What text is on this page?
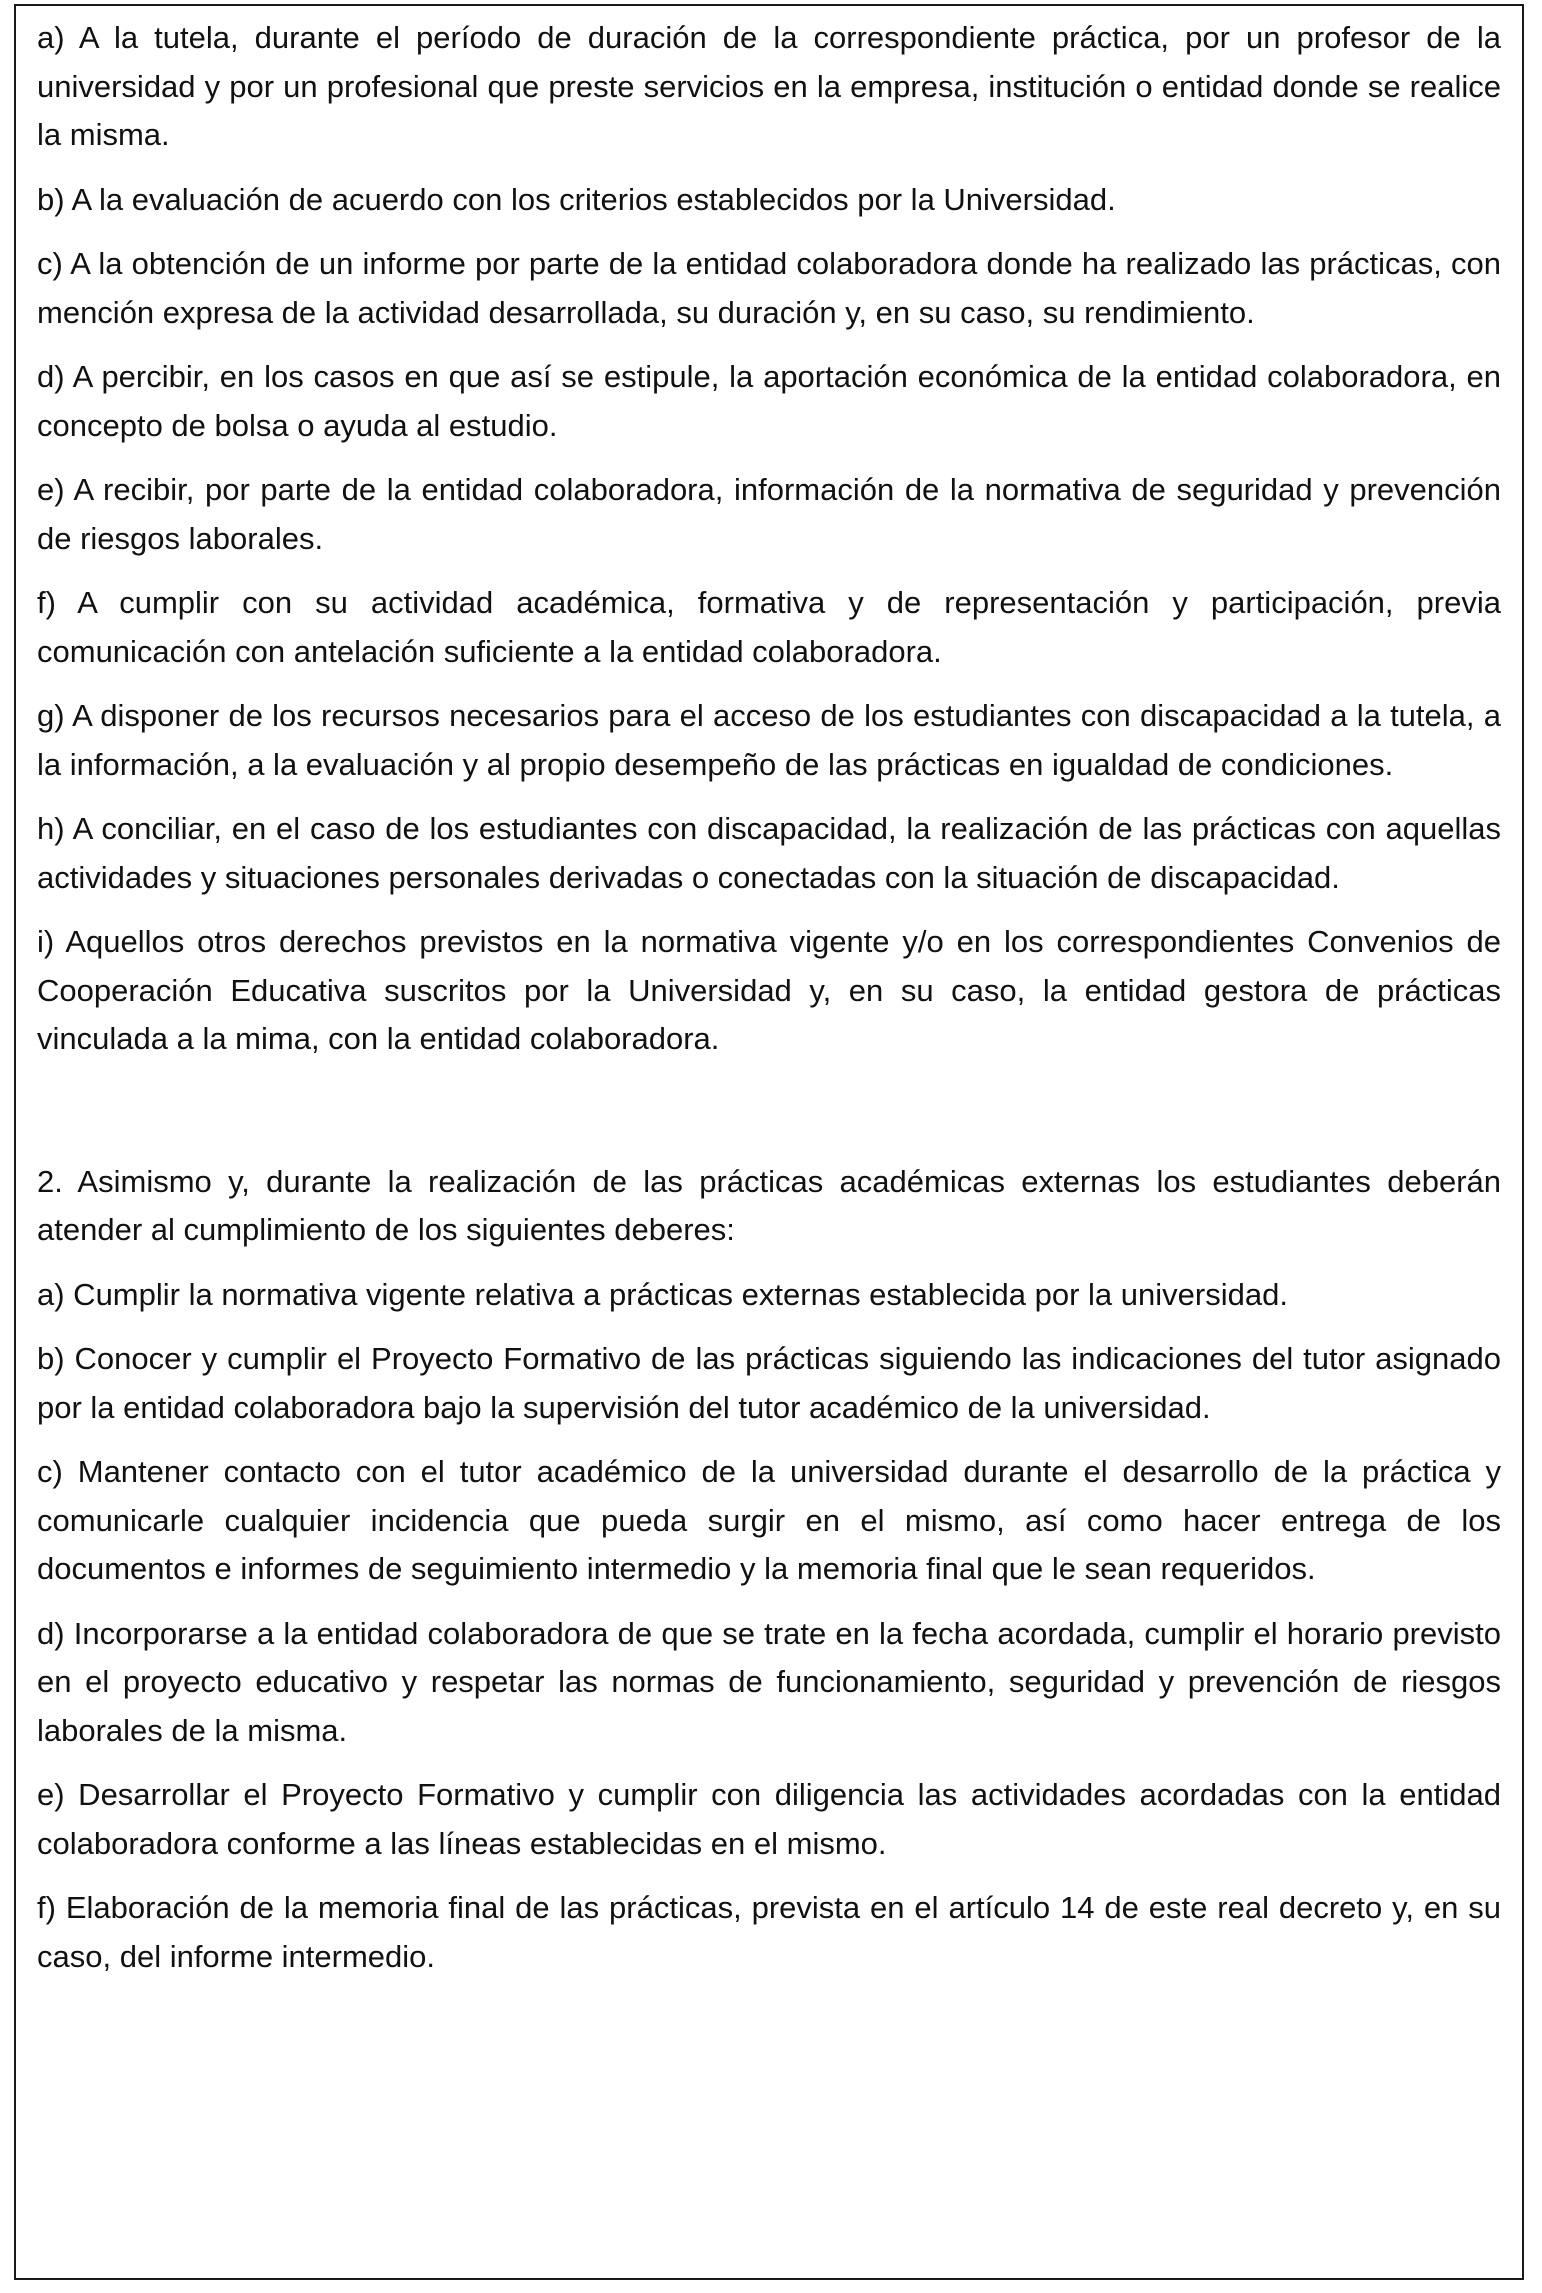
a) A la tutela, durante el período de duración de la correspondiente práctica, por un profesor de la universidad y por un profesional que preste servicios en la empresa, institución o entidad donde se realice la misma.

b) A la evaluación de acuerdo con los criterios establecidos por la Universidad.

c) A la obtención de un informe por parte de la entidad colaboradora donde ha realizado las prácticas, con mención expresa de la actividad desarrollada, su duración y, en su caso, su rendimiento.

d) A percibir, en los casos en que así se estipule, la aportación económica de la entidad colaboradora, en concepto de bolsa o ayuda al estudio.

e) A recibir, por parte de la entidad colaboradora, información de la normativa de seguridad y prevención de riesgos laborales.

f) A cumplir con su actividad académica, formativa y de representación y participación, previa comunicación con antelación suficiente a la entidad colaboradora.

g) A disponer de los recursos necesarios para el acceso de los estudiantes con discapacidad a la tutela, a la información, a la evaluación y al propio desempeño de las prácticas en igualdad de condiciones.

h) A conciliar, en el caso de los estudiantes con discapacidad, la realización de las prácticas con aquellas actividades y situaciones personales derivadas o conectadas con la situación de discapacidad.

i) Aquellos otros derechos previstos en la normativa vigente y/o en los correspondientes Convenios de Cooperación Educativa suscritos por la Universidad y, en su caso, la entidad gestora de prácticas vinculada a la mima, con la entidad colaboradora.

2. Asimismo y, durante la realización de las prácticas académicas externas los estudiantes deberán atender al cumplimiento de los siguientes deberes:

a) Cumplir la normativa vigente relativa a prácticas externas establecida por la universidad.

b) Conocer y cumplir el Proyecto Formativo de las prácticas siguiendo las indicaciones del tutor asignado por la entidad colaboradora bajo la supervisión del tutor académico de la universidad.

c) Mantener contacto con el tutor académico de la universidad durante el desarrollo de la práctica y comunicarle cualquier incidencia que pueda surgir en el mismo, así como hacer entrega de los documentos e informes de seguimiento intermedio y la memoria final que le sean requeridos.

d) Incorporarse a la entidad colaboradora de que se trate en la fecha acordada, cumplir el horario previsto en el proyecto educativo y respetar las normas de funcionamiento, seguridad y prevención de riesgos laborales de la misma.

e) Desarrollar el Proyecto Formativo y cumplir con diligencia las actividades acordadas con la entidad colaboradora conforme a las líneas establecidas en el mismo.

f) Elaboración de la memoria final de las prácticas, prevista en el artículo 14 de este real decreto y, en su caso, del informe intermedio.
